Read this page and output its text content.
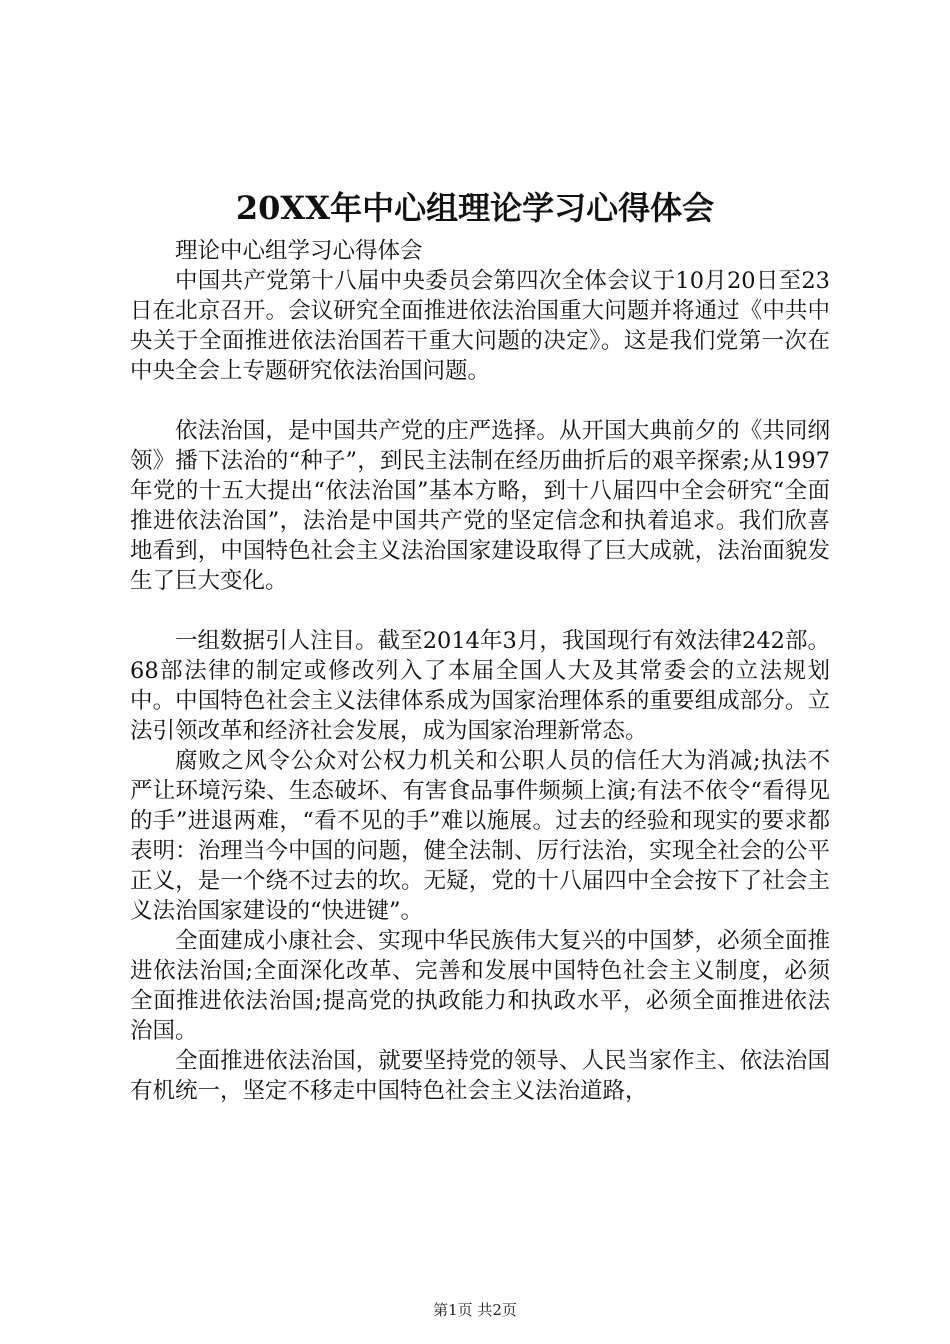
20XX年中心组理论学习心得体会

理论中心组学习心得体会

中国共产党第十八届中央委员会第四次全体会议于10月20日至23日在北京召开。会议研究全面推进依法治国重大问题并将通过《中共中央关于全面推进依法治国若干重大问题的决定》。这是我们党第一次在中央全会上专题研究依法治国问题。

依法治国，是中国共产党的庄严选择。从开国大典前夕的《共同纲领》播下法治的“种子”，到民主法制在经历曲折后的艰辛探索;从1997年党的十五大提出“依法治国”基本方略，到十八届四中全会研究“全面推进依法治国”，法治是中国共产党的坚定信念和执着追求。我们欣喜地看到，中国特色社会主义法治国家建设取得了巨大成就，法治面貌发生了巨大变化。

一组数据引人注目。截至2014年3月，我国现行有效法律242部。68部法律的制定或修改列入了本届全国人大及其常委会的立法规划中。中国特色社会主义法律体系成为国家治理体系的重要组成部分。立法引领改革和经济社会发展，成为国家治理新常态。

腐败之风令公众对公权力机关和公职人员的信任大为消减;执法不严让环境污染、生态破坏、有害食品事件频频上演;有法不依令“看得见的手”进退两难，“看不见的手”难以施展。过去的经验和现实的要求都表明：治理当今中国的问题，健全法制、厉行法治，实现全社会的公平正义，是一个绕不过去的坎。无疑，党的十八届四中全会按下了社会主义法治国家建设的“快进键”。

全面建成小康社会、实现中华民族伟大复兴的中国梦，必须全面推进依法治国;全面深化改革、完善和发展中国特色社会主义制度，必须全面推进依法治国;提高党的执政能力和执政水平，必须全面推进依法治国。

全面推进依法治国，就要坚持党的领导、人民当家作主、依法治国有机统一，坚定不移走中国特色社会主义法治道路，

第1页 共2页
